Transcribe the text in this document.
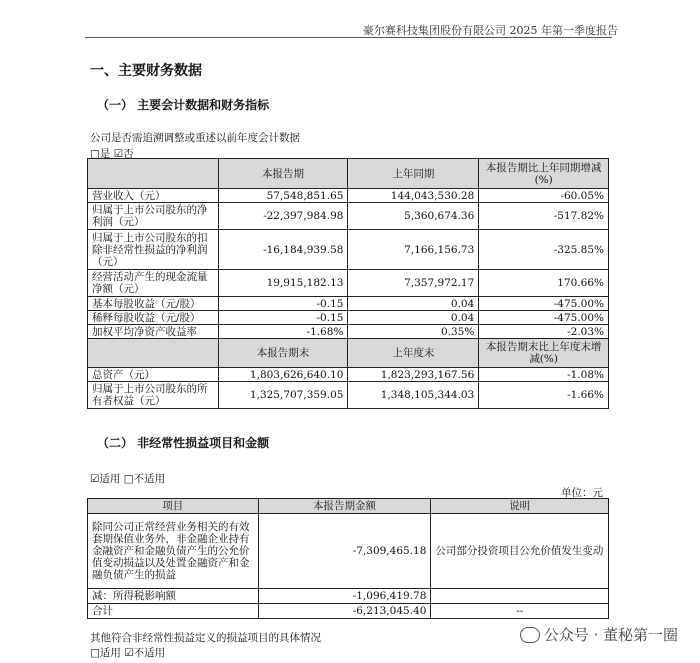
豪尔赛科技集团股份有限公司 2025 年第一季度报告
一、主要财务数据
（一） 主要会计数据和财务指标
公司是否需追溯调整或重述以前年度会计数据
□是 ☑否
	本报告期	上年同期	本报告期比上年同期增减(%)
营业收入（元）	57,548,851.65	144,043,530.28	-60.05%
归属于上市公司股东的净利润（元）	-22,397,984.98	5,360,674.36	-517.82%
归属于上市公司股东的扣除非经常性损益的净利润（元）	-16,184,939.58	7,166,156.73	-325.85%
经营活动产生的现金流量净额（元）	19,915,182.13	7,357,972.17	170.66%
基本每股收益（元/股）	-0.15	0.04	-475.00%
稀释每股收益（元/股）	-0.15	0.04	-475.00%
加权平均净资产收益率	-1.68%	0.35%	-2.03%
	本报告期末	上年度末	本报告期末比上年度末增减(%)
总资产（元）	1,803,626,640.10	1,823,293,167.56	-1.08%
归属于上市公司股东的所有者权益（元）	1,325,707,359.05	1,348,105,344.03	-1.66%
（二） 非经常性损益项目和金额
☑适用 □不适用
单位：元
项目	本报告期金额	说明
除同公司正常经营业务相关的有效套期保值业务外，非金融企业持有金融资产和金融负债产生的公允价值变动损益以及处置金融资产和金融负债产生的损益	-7,309,465.18	公司部分投资项目公允价值发生变动
减：所得税影响额	-1,096,419.78	
合计	-6,213,045.40	--
其他符合非经常性损益定义的损益项目的具体情况
□适用 ☑不适用
公众号 · 董秘第一圈
